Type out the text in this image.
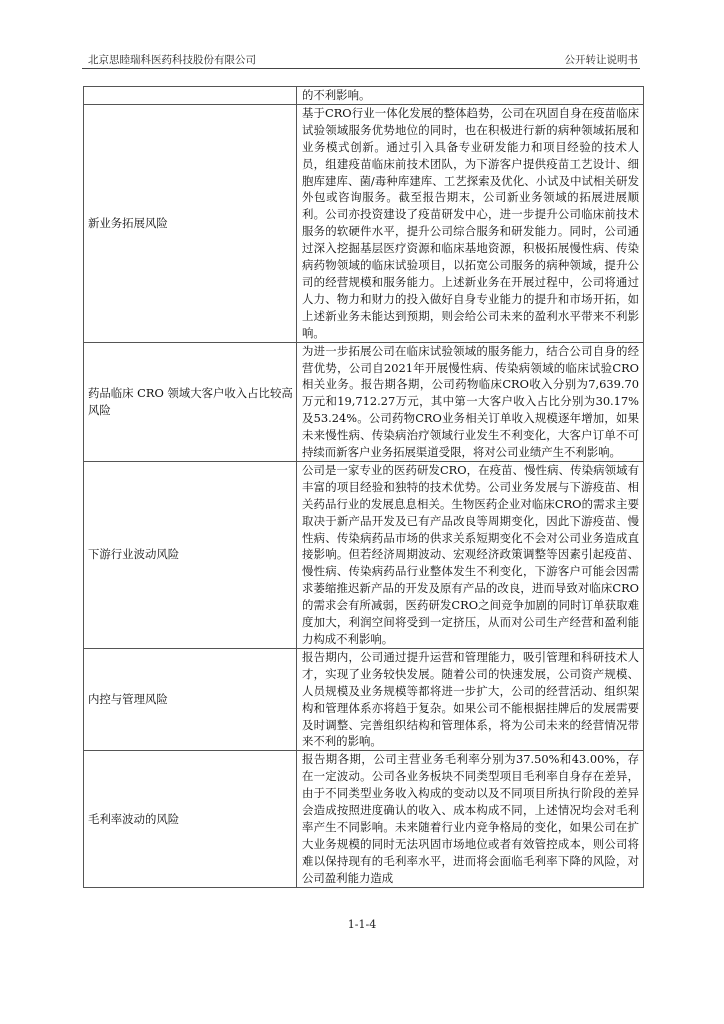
北京思睦瑞科医药科技股份有限公司	公开转让说明书
	的不利影响。
新业务拓展风险	基于CRO行业一体化发展的整体趋势，公司在巩固自身在疫苗临床试验领域服务优势地位的同时，也在积极进行新的病种领域拓展和业务模式创新。通过引入具备专业研发能力和项目经验的技术人员，组建疫苗临床前技术团队，为下游客户提供疫苗工艺设计、细胞库建库、菌/毒种库建库、工艺探索及优化、小试及中试相关研发外包或咨询服务。截至报告期末，公司新业务领域的拓展进展顺利。公司亦投资建设了疫苗研发中心，进一步提升公司临床前技术服务的软硬件水平，提升公司综合服务和研发能力。同时，公司通过深入挖掘基层医疗资源和临床基地资源，积极拓展慢性病、传染病药物领域的临床试验项目，以拓宽公司服务的病种领域，提升公司的经营规模和服务能力。上述新业务在开展过程中，公司将通过人力、物力和财力的投入做好自身专业能力的提升和市场开拓，如上述新业务未能达到预期，则会给公司未来的盈利水平带来不利影响。
药品临床 CRO 领域大客户收入占比较高风险	为进一步拓展公司在临床试验领域的服务能力，结合公司自身的经营优势，公司自2021年开展慢性病、传染病领域的临床试验CRO相关业务。报告期各期，公司药物临床CRO收入分别为7,639.70万元和19,712.27万元，其中第一大客户收入占比分别为30.17%及53.24%。公司药物CRO业务相关订单收入规模逐年增加，如果未来慢性病、传染病治疗领域行业发生不利变化，大客户订单不可持续而新客户业务拓展渠道受限，将对公司业绩产生不利影响。
下游行业波动风险	公司是一家专业的医药研发CRO，在疫苗、慢性病、传染病领域有丰富的项目经验和独特的技术优势。公司业务发展与下游疫苗、相关药品行业的发展息息相关。生物医药企业对临床CRO的需求主要取决于新产品开发及已有产品改良等周期变化，因此下游疫苗、慢性病、传染病药品市场的供求关系短期变化不会对公司业务造成直接影响。但若经济周期波动、宏观经济政策调整等因素引起疫苗、慢性病、传染病药品行业整体发生不利变化，下游客户可能会因需求萎缩推迟新产品的开发及原有产品的改良，进而导致对临床CRO的需求会有所减弱，医药研发CRO之间竞争加剧的同时订单获取难度加大，利润空间将受到一定挤压，从而对公司生产经营和盈利能力构成不利影响。
内控与管理风险	报告期内，公司通过提升运营和管理能力，吸引管理和科研技术人才，实现了业务较快发展。随着公司的快速发展，公司资产规模、人员规模及业务规模等都将进一步扩大，公司的经营活动、组织架构和管理体系亦将趋于复杂。如果公司不能根据挂牌后的发展需要及时调整、完善组织结构和管理体系，将为公司未来的经营情况带来不利的影响。
毛利率波动的风险	报告期各期，公司主营业务毛利率分别为37.50%和43.00%，存在一定波动。公司各业务板块不同类型项目毛利率自身存在差异，由于不同类型业务收入构成的变动以及不同项目所执行阶段的差异会造成按照进度确认的收入、成本构成不同，上述情况均会对毛利率产生不同影响。未来随着行业内竞争格局的变化，如果公司在扩大业务规模的同时无法巩固市场地位或者有效管控成本，则公司将难以保持现有的毛利率水平，进而将会面临毛利率下降的风险，对公司盈利能力造成
1-1-4
